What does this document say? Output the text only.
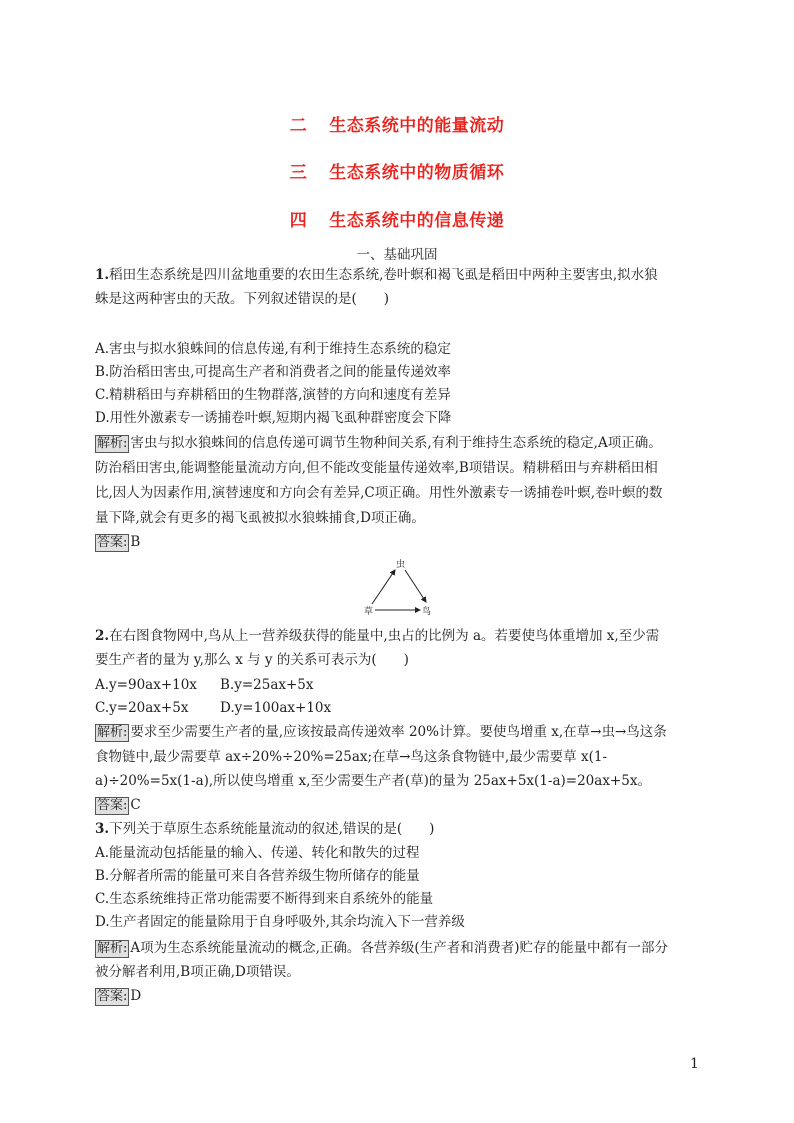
二 生态系统中的能量流动
三 生态系统中的物质循环
四 生态系统中的信息传递
一、基础巩固
1.稻田生态系统是四川盆地重要的农田生态系统,卷叶螟和褐飞虱是稻田中两种主要害虫,拟水狼
蛛是这两种害虫的天敌。下列叙述错误的是(　　)
A.害虫与拟水狼蛛间的信息传递,有利于维持生态系统的稳定
B.防治稻田害虫,可提高生产者和消费者之间的能量传递效率
C.精耕稻田与弃耕稻田的生物群落,演替的方向和速度有差异
D.用性外激素专一诱捕卷叶螟,短期内褐飞虱种群密度会下降
解析: 害虫与拟水狼蛛间的信息传递可调节生物种间关系,有利于维持生态系统的稳定,A项正确。
防治稻田害虫,能调整能量流动方向,但不能改变能量传递效率,B项错误。精耕稻田与弃耕稻田相
比,因人为因素作用,演替速度和方向会有差异,C项正确。用性外激素专一诱捕卷叶螟,卷叶螟的数
量下降,就会有更多的褐飞虱被拟水狼蛛捕食,D项正确。
答案: B
虫
草	鸟
2.在右图食物网中,鸟从上一营养级获得的能量中,虫占的比例为 a。若要使鸟体重增加 x,至少需
要生产者的量为 y,那么 x 与 y 的关系可表示为(　　)
A.y=90ax+10x B.y=25ax+5x
C.y=20ax+5x D.y=100ax+10x
解析: 要求至少需要生产者的量,应该按最高传递效率 20%计算。要使鸟增重 x,在草→虫→鸟这条
食物链中,最少需要草 ax÷20%÷20%=25ax;在草→鸟这条食物链中,最少需要草 x(1-
a)÷20%=5x(1-a),所以使鸟增重 x,至少需要生产者(草)的量为 25ax+5x(1-a)=20ax+5x。
答案: C
3.下列关于草原生态系统能量流动的叙述,错误的是(　　)
A.能量流动包括能量的输入、传递、转化和散失的过程
B.分解者所需的能量可来自各营养级生物所储存的能量
C.生态系统维持正常功能需要不断得到来自系统外的能量
D.生产者固定的能量除用于自身呼吸外,其余均流入下一营养级
解析: A项为生态系统能量流动的概念,正确。各营养级(生产者和消费者)贮存的能量中都有一部分
被分解者利用,B项正确,D项错误。
答案: D
1
